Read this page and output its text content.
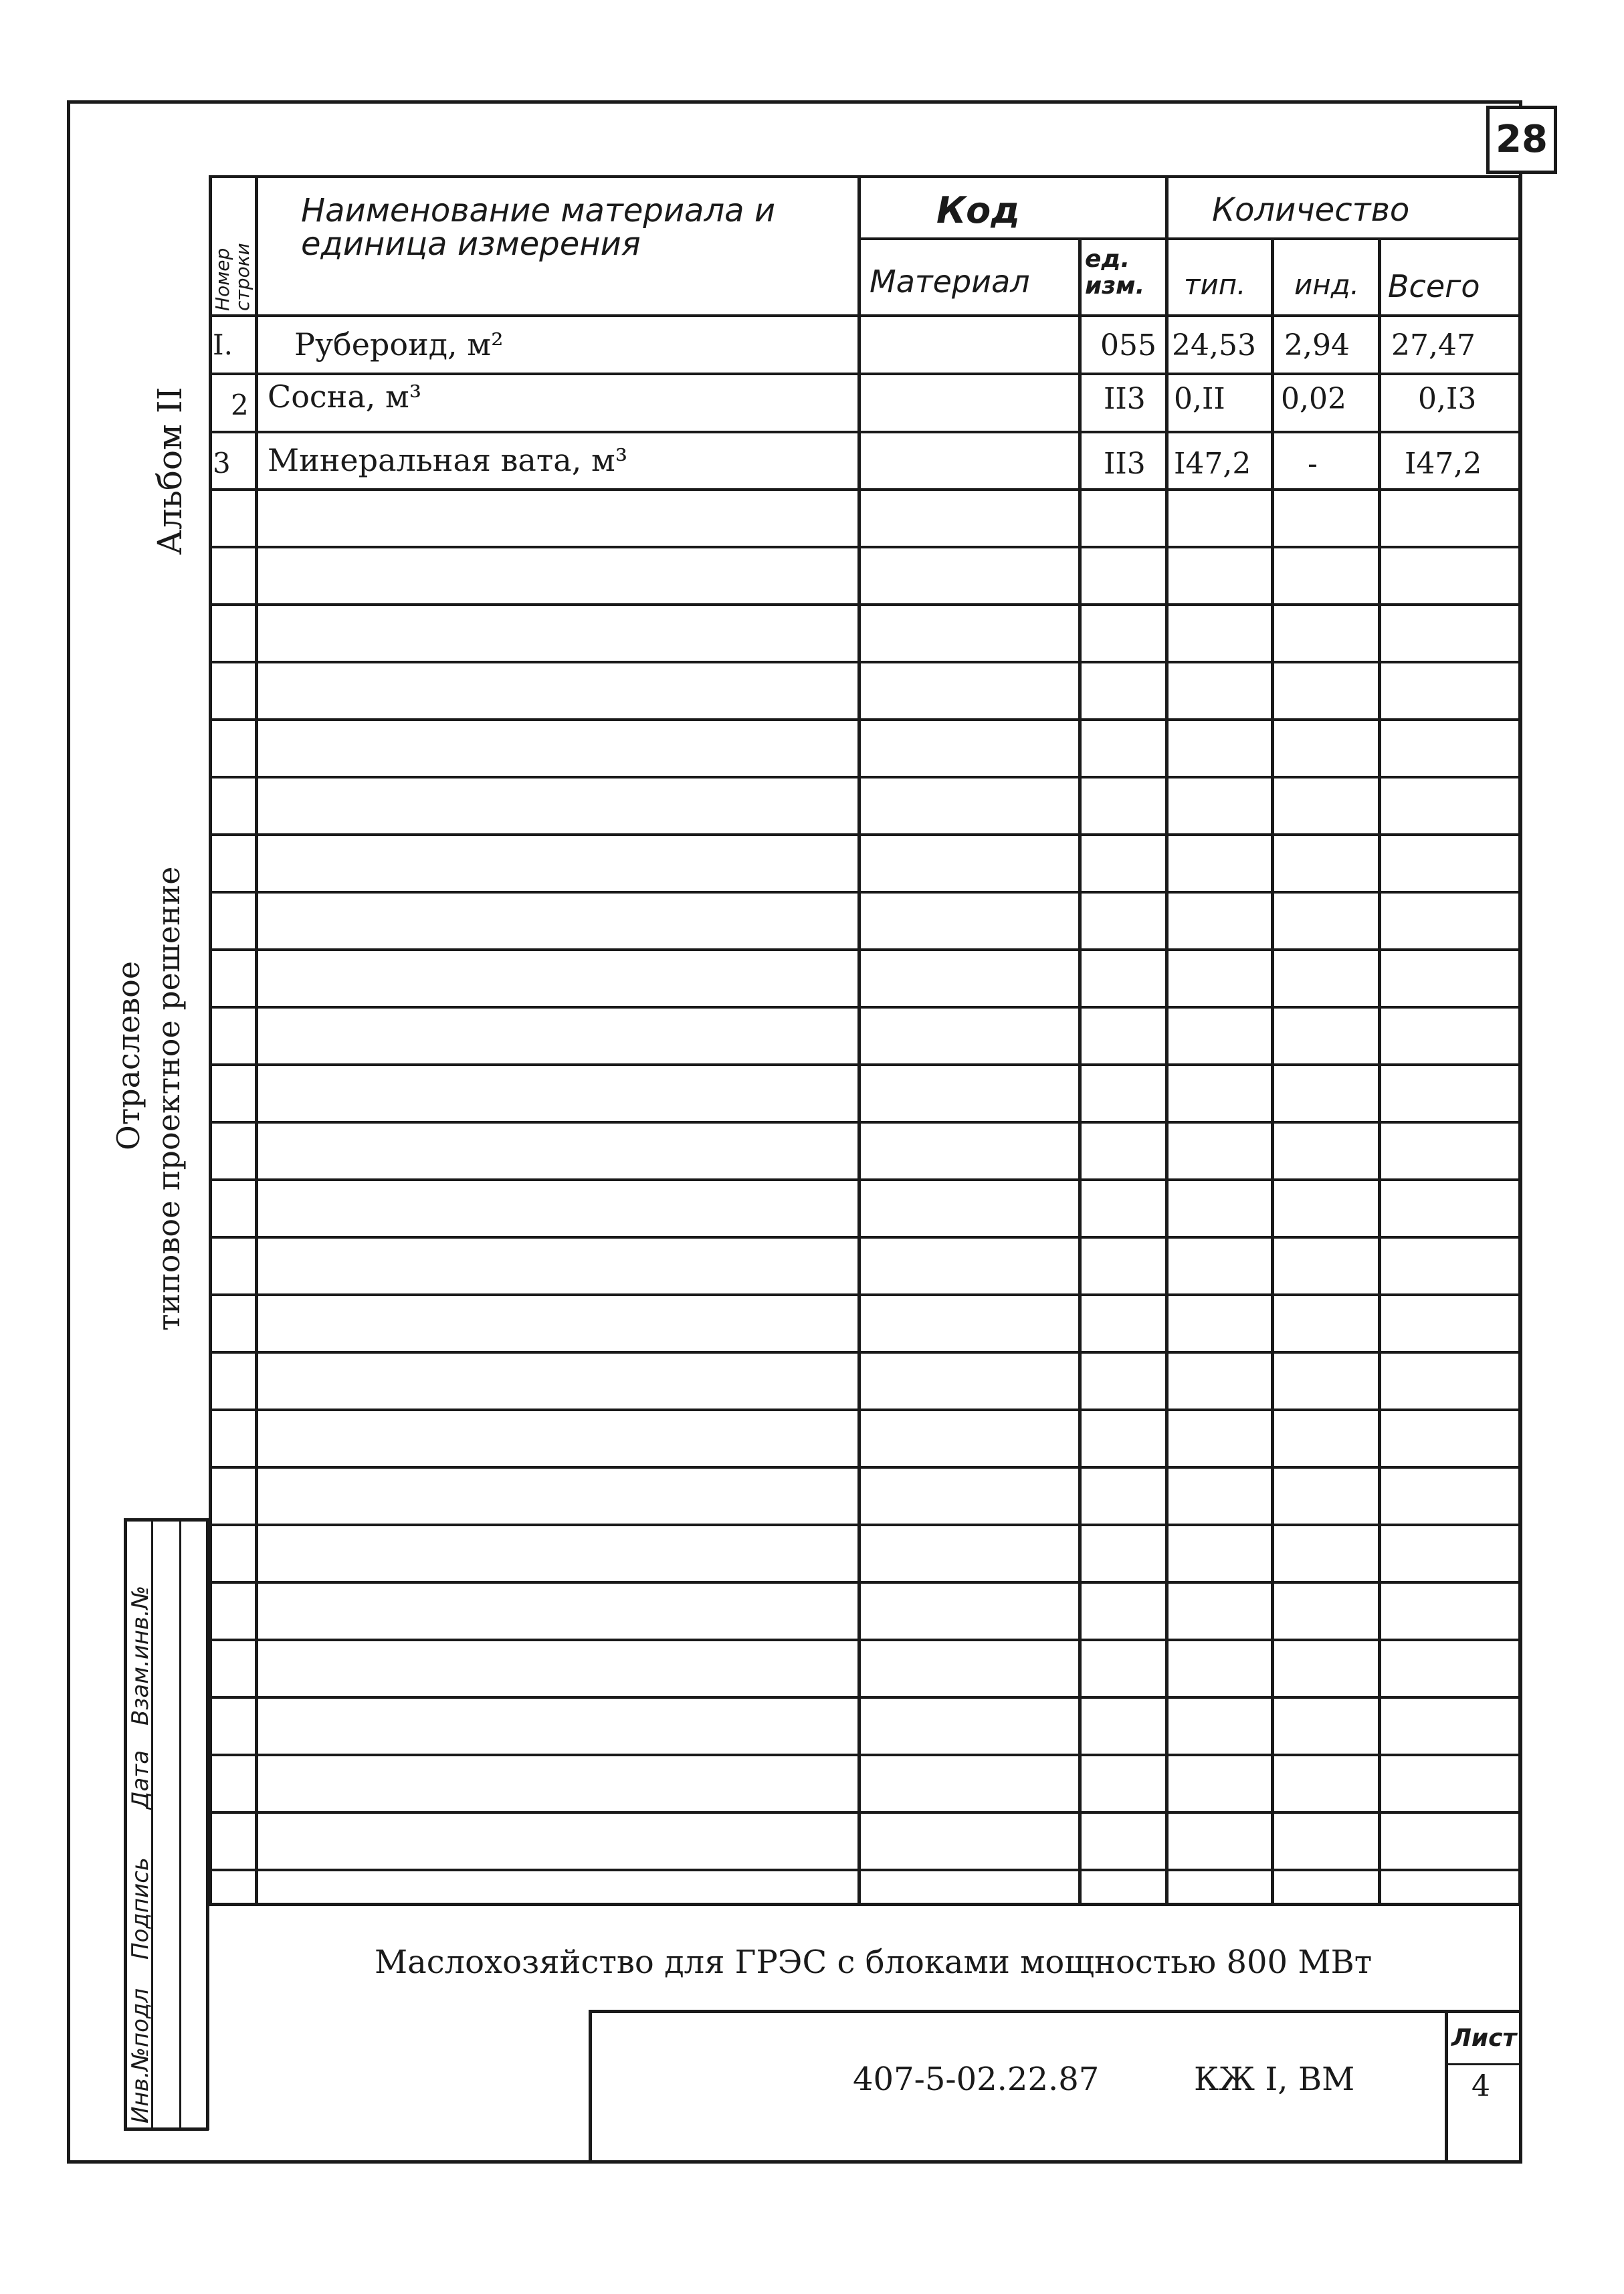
28
Альбом II
Отраслевое типовое проектное решение
Инв.№подл
Подпись
Дата
Взам.инв.№
Номер строки
Наименование материала и единица измерения
Код
Материал
ед. изм.
Количество
тип. инд. Всего
I. Рубероид, м²	055 24,53 2,94 27,47
2 Сосна, м³	II3 0,II 0,02 0,I3
3 Минеральная вата, м³	II3 I47,2 -	I47,2
Маслохозяйство для ГРЭС с блоками мощностью 800 МВт
407-5-02.22.87	КЖ I, ВМ
Лист
4
